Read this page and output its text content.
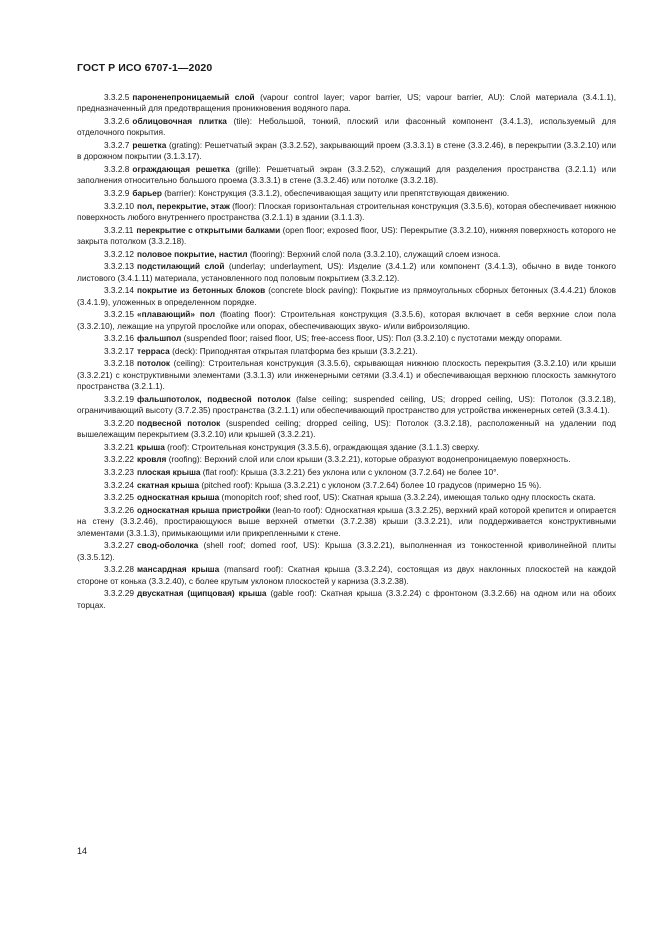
ГОСТ Р ИСО 6707-1—2020

3.3.2.5 пароненепроницаемый слой (vapour control layer; vapor barrier, US; vapour barrier, AU): Слой материала (3.4.1.1), предназначенный для предотвращения проникновения водяного пара.

3.3.2.6 облицовочная плитка (tile): Небольшой, тонкий, плоский или фасонный компонент (3.4.1.3), используемый для отделочного покрытия.

3.3.2.7 решетка (grating): Решетчатый экран (3.3.2.52), закрывающий проем (3.3.3.1) в стене (3.3.2.46), в перекрытии (3.3.2.10) или в дорожном покрытии (3.1.3.17).

3.3.2.8 ограждающая решетка (grille): Решетчатый экран (3.3.2.52), служащий для разделения пространства (3.2.1.1) или заполнения относительно большого проема (3.3.3.1) в стене (3.3.2.46) или потолке (3.3.2.18).

3.3.2.9 барьер (barrier): Конструкция (3.3.1.2), обеспечивающая защиту или препятствующая движению.

3.3.2.10 пол, перекрытие, этаж (floor): Плоская горизонтальная строительная конструкция (3.3.5.6), которая обеспечивает нижнюю поверхность любого внутреннего пространства (3.2.1.1) в здании (3.1.1.3).

3.3.2.11 перекрытие с открытыми балками (open floor; exposed floor, US): Перекрытие (3.3.2.10), нижняя поверхность которого не закрыта потолком (3.3.2.18).

3.3.2.12 половое покрытие, настил (flooring): Верхний слой пола (3.3.2.10), служащий слоем износа.

3.3.2.13 подстилающий слой (underlay; underlayment, US): Изделие (3.4.1.2) или компонент (3.4.1.3), обычно в виде тонкого листового (3.4.1.11) материала, установленного под половым покрытием (3.3.2.12).

3.3.2.14 покрытие из бетонных блоков (concrete block paving): Покрытие из прямоугольных сборных бетонных (3.4.4.21) блоков (3.4.1.9), уложенных в определенном порядке.

3.3.2.15 «плавающий» пол (floating floor): Строительная конструкция (3.3.5.6), которая включает в себя верхние слои пола (3.3.2.10), лежащие на упругой прослойке или опорах, обеспечивающих звуко- и/или виброизоляцию.

3.3.2.16 фальшпол (suspended floor; raised floor, US; free-access floor, US): Пол (3.3.2.10) с пустотами между опорами.

3.3.2.17 терраса (deck): Приподнятая открытая платформа без крыши (3.3.2.21).

3.3.2.18 потолок (ceiling): Строительная конструкция (3.3.5.6), скрывающая нижнюю плоскость перекрытия (3.3.2.10) или крыши (3.3.2.21) с конструктивными элементами (3.3.1.3) или инженерными сетями (3.3.4.1) и обеспечивающая верхнюю плоскость замкнутого пространства (3.2.1.1).

3.3.2.19 фальшпотолок, подвесной потолок (false ceiling; suspended ceiling, US; dropped ceiling, US): Потолок (3.3.2.18), ограничивающий высоту (3.7.2.35) пространства (3.2.1.1) или обеспечивающий пространство для устройства инженерных сетей (3.3.4.1).

3.3.2.20 подвесной потолок (suspended ceiling; dropped ceiling, US): Потолок (3.3.2.18), расположенный на удалении под вышележащим перекрытием (3.3.2.10) или крышей (3.3.2.21).

3.3.2.21 крыша (roof): Строительная конструкция (3.3.5.6), ограждающая здание (3.1.1.3) сверху.

3.3.2.22 кровля (roofing): Верхний слой или слои крыши (3.3.2.21), которые образуют водонепроницаемую поверхность.

3.3.2.23 плоская крыша (flat roof): Крыша (3.3.2.21) без уклона или с уклоном (3.7.2.64) не более 10°.

3.3.2.24 скатная крыша (pitched roof): Крыша (3.3.2.21) с уклоном (3.7.2.64) более 10 градусов (примерно 15 %).

3.3.2.25 односкатная крыша (monopitch roof; shed roof, US): Скатная крыша (3.3.2.24), имеющая только одну плоскость ската.

3.3.2.26 односкатная крыша пристройки (lean-to roof): Односкатная крыша (3.3.2.25), верхний край которой крепится и опирается на стену (3.3.2.46), простирающуюся выше верхней отметки (3.7.2.38) крыши (3.3.2.21), или поддерживается конструктивными элементами (3.3.1.3), примыкающими или прикрепленными к стене.

3.3.2.27 свод-оболочка (shell roof; domed roof, US): Крыша (3.3.2.21), выполненная из тонкостенной криволинейной плиты (3.3.5.12).

3.3.2.28 мансардная крыша (mansard roof): Скатная крыша (3.3.2.24), состоящая из двух наклонных плоскостей на каждой стороне от конька (3.3.2.40), с более крутым уклоном плоскостей у карниза (3.3.2.38).

3.3.2.29 двускатная (щипцовая) крыша (gable roof): Скатная крыша (3.3.2.24) с фронтоном (3.3.2.66) на одном или на обоих торцах.

14
